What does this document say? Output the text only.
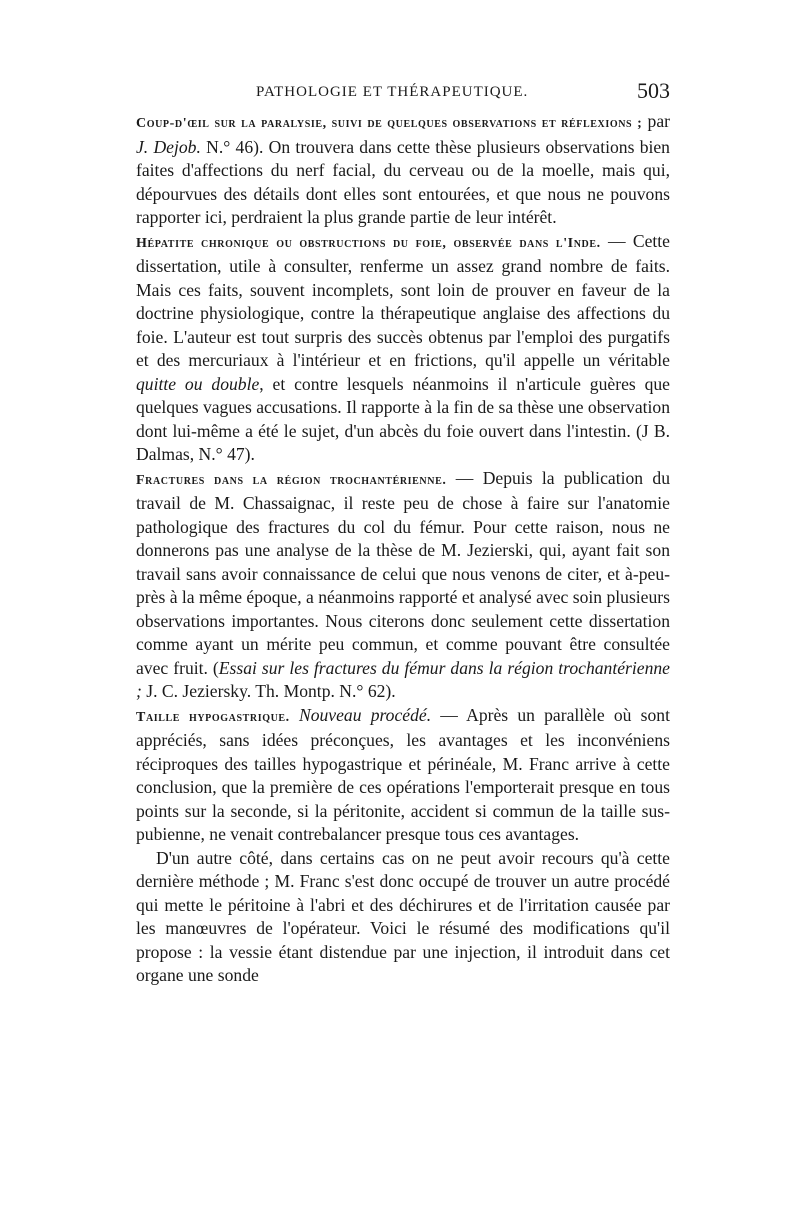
PATHOLOGIE ET THÉRAPEUTIQUE.	503

Coup-d'œil sur la paralysie, suivi de quelques observations et réflexions ; par J. Dejob. N.° 46). On trouvera dans cette thèse plusieurs observations bien faites d'affections du nerf facial, du cerveau ou de la moelle, mais qui, dépourvues des détails dont elles sont entourées, et que nous ne pouvons rapporter ici, perdraient la plus grande partie de leur intérêt.

Hépatite chronique ou obstructions du foie, observée dans l'Inde. — Cette dissertation, utile à consulter, renferme un assez grand nombre de faits. Mais ces faits, souvent incomplets, sont loin de prouver en faveur de la doctrine physiologique, contre la thérapeutique anglaise des affections du foie. L'auteur est tout surpris des succès obtenus par l'emploi des purgatifs et des mercuriaux à l'intérieur et en frictions, qu'il appelle un véritable quitte ou double, et contre lesquels néanmoins il n'articule guères que quelques vagues accusations. Il rapporte à la fin de sa thèse une observation dont lui-même a été le sujet, d'un abcès du foie ouvert dans l'intestin. (J B. Dalmas, N.° 47).

Fractures dans la région trochantérienne. — Depuis la publication du travail de M. Chassaignac, il reste peu de chose à faire sur l'anatomie pathologique des fractures du col du fémur. Pour cette raison, nous ne donnerons pas une analyse de la thèse de M. Jezierski, qui, ayant fait son travail sans avoir connaissance de celui que nous venons de citer, et à-peu-près à la même époque, a néanmoins rapporté et analysé avec soin plusieurs observations importantes. Nous citerons donc seulement cette dissertation comme ayant un mérite peu commun, et comme pouvant être consultée avec fruit. (Essai sur les fractures du fémur dans la région trochantérienne ; J. C. Jeziersky. Th. Montp. N.° 62).

Taille hypogastrique. Nouveau procédé. — Après un parallèle où sont appréciés, sans idées préconçues, les avantages et les inconvéniens réciproques des tailles hypogastrique et périnéale, M. Franc arrive à cette conclusion, que la première de ces opérations l'emporterait presque en tous points sur la seconde, si la péritonite, accident si commun de la taille sus-pubienne, ne venait contrebalancer presque tous ces avantages.

D'un autre côté, dans certains cas on ne peut avoir recours qu'à cette dernière méthode ; M. Franc s'est donc occupé de trouver un autre procédé qui mette le péritoine à l'abri et des déchirures et de l'irritation causée par les manœuvres de l'opérateur. Voici le résumé des modifications qu'il propose : la vessie étant distendue par une injection, il introduit dans cet organe une sonde
